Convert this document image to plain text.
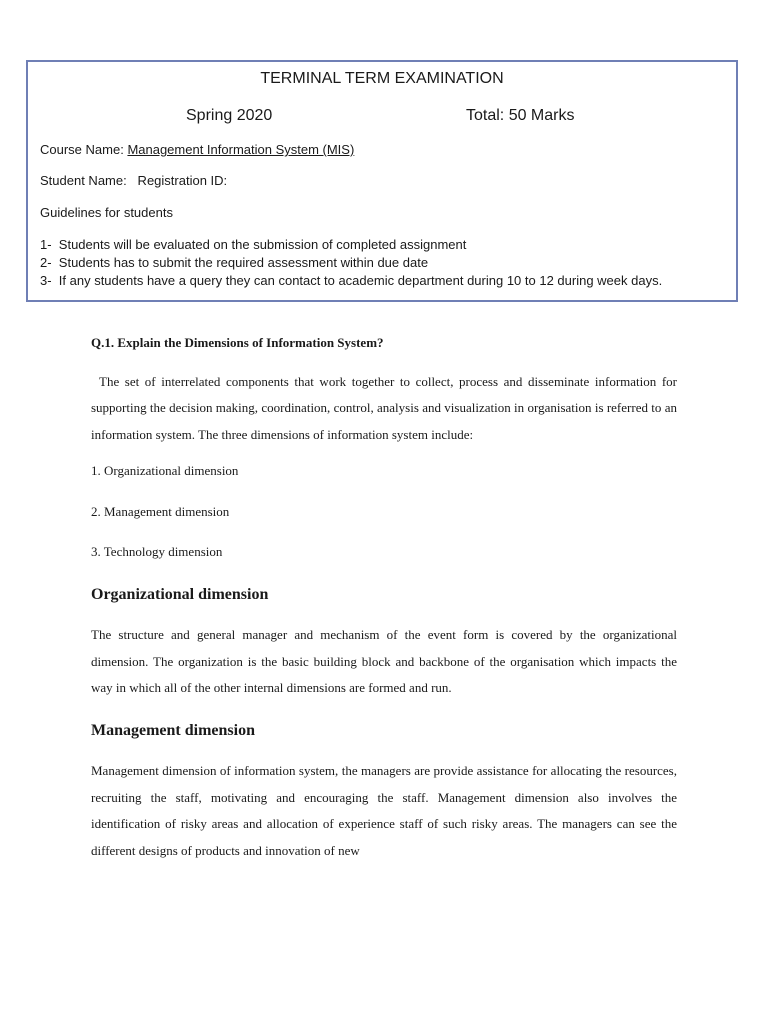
TERMINAL TERM EXAMINATION
Spring 2020	Total: 50 Marks
Course Name: Management Information System (MIS)
Student Name:   Registration ID:
Guidelines for students
1-  Students will be evaluated on the submission of completed assignment
2-  Students has to submit the required assessment within due date
3-  If any students have a query they can contact to academic department during 10 to 12 during week days.

Q.1. Explain the Dimensions of Information System?

The set of interrelated components that work together to collect, process and disseminate information for supporting the decision making, coordination, control, analysis and visualization in organisation is referred to an information system. The three dimensions of information system include:

1. Organizational dimension

2. Management dimension

3. Technology dimension

Organizational dimension

The structure and general manager and mechanism of the event form is covered by the organizational dimension. The organization is the basic building block and backbone of the organisation which impacts the way in which all of the other internal dimensions are formed and run.

Management dimension

Management dimension of information system, the managers are provide assistance for allocating the resources, recruiting the staff, motivating and encouraging the staff. Management dimension also involves the identification of risky areas and allocation of experience staff of such risky areas. The managers can see the different designs of products and innovation of new
